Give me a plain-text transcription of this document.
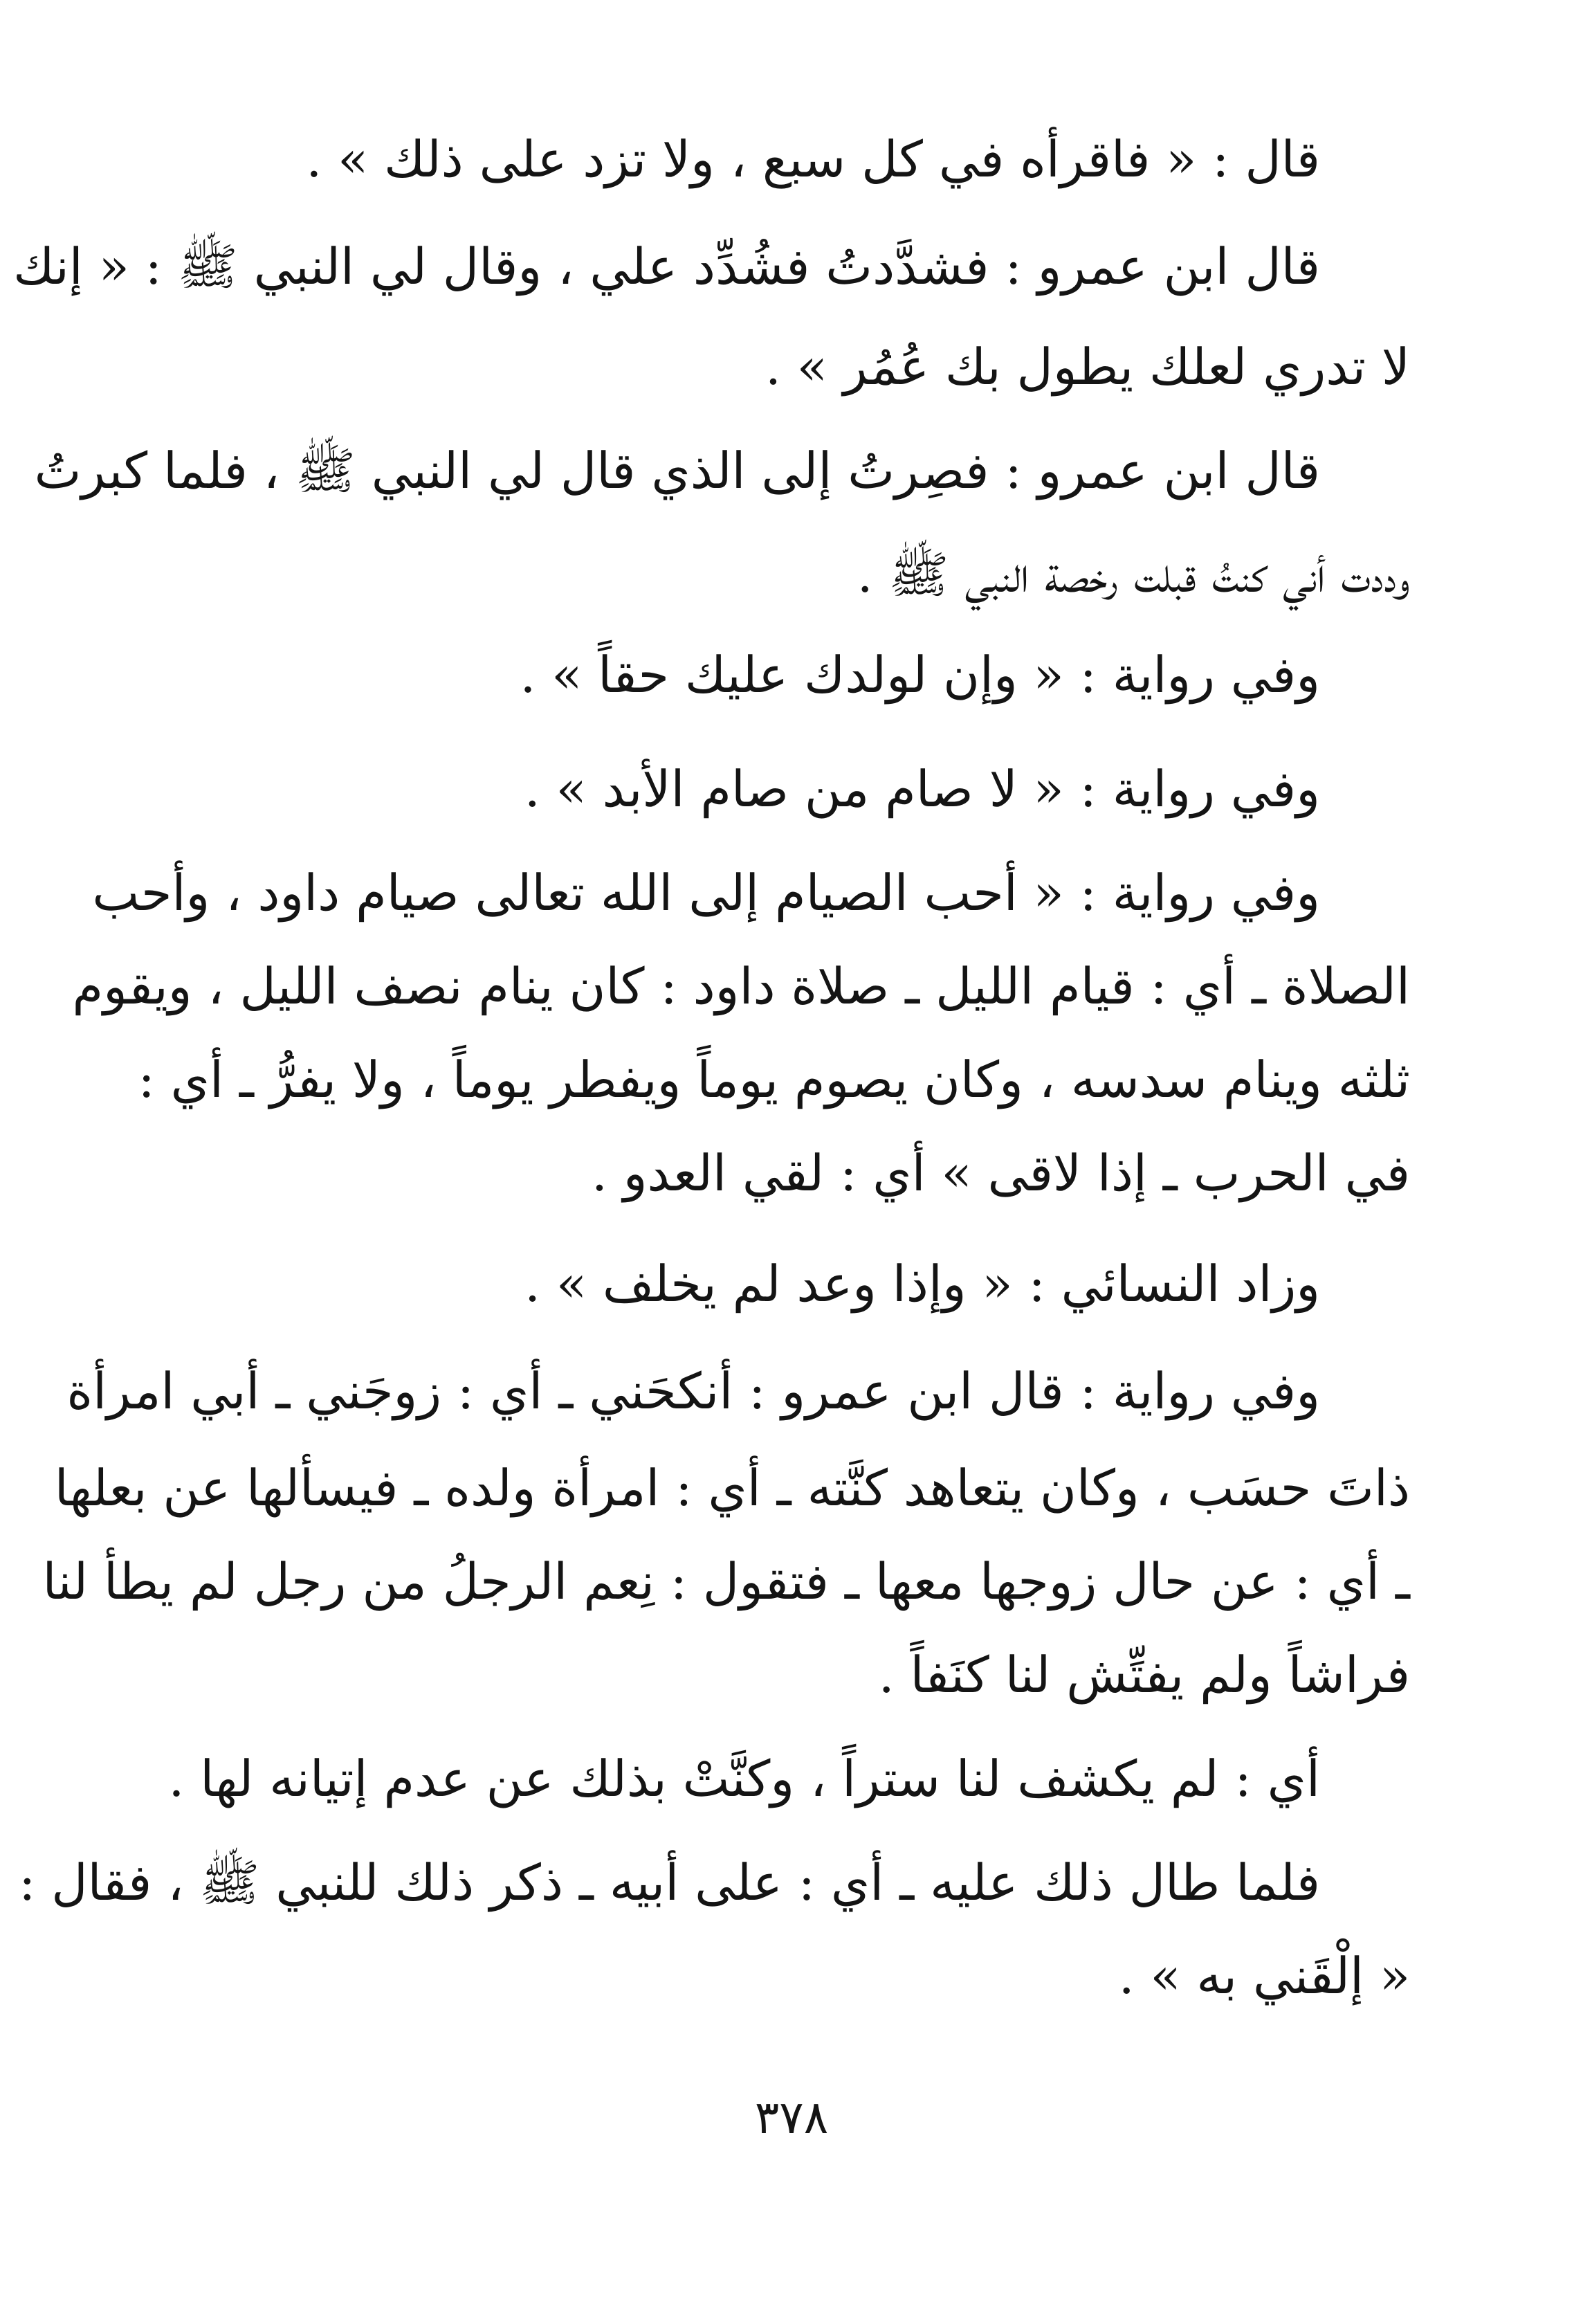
قال : « فاقرأه في كل سبع ، ولا تزد على ذلك » .
قال ابن عمرو : فشدَّدتُ فشُدِّد علي ، وقال لي النبي ﷺ : « إنك
لا تدري لعلك يطول بك عُمُر » .
قال ابن عمرو : فصِرتُ إلى الذي قال لي النبي ﷺ ، فلما كبرتُ
وددت أني كنتُ قبلت رخصة النبي ﷺ .
وفي رواية : « وإن لولدك عليك حقاً » .
وفي رواية : « لا صام من صام الأبد » .
وفي رواية : « أحب الصيام إلى الله تعالى صيام داود ، وأحب
الصلاة ـ أي : قيام الليل ـ صلاة داود : كان ينام نصف الليل ، ويقوم
ثلثه وينام سدسه ، وكان يصوم يوماً ويفطر يوماً ، ولا يفرُّ ـ أي :
في الحرب ـ إذا لاقى » أي : لقي العدو .
وزاد النسائي : « وإذا وعد لم يخلف » .
وفي رواية : قال ابن عمرو : أنكحَني ـ أي : زوجَني ـ أبي امرأة
ذاتَ حسَب ، وكان يتعاهد كنَّته ـ أي : امرأة ولده ـ فيسألها عن بعلها
ـ أي : عن حال زوجها معها ـ فتقول : نِعم الرجلُ من رجل لم يطأ لنا
فراشاً ولم يفتِّش لنا كنَفاً .
أي : لم يكشف لنا ستراً ، وكنَّتْ بذلك عن عدم إتيانه لها .
فلما طال ذلك عليه ـ أي : على أبيه ـ ذكر ذلك للنبي ﷺ ، فقال :
« إلْقَني به » .
٣٧٨
